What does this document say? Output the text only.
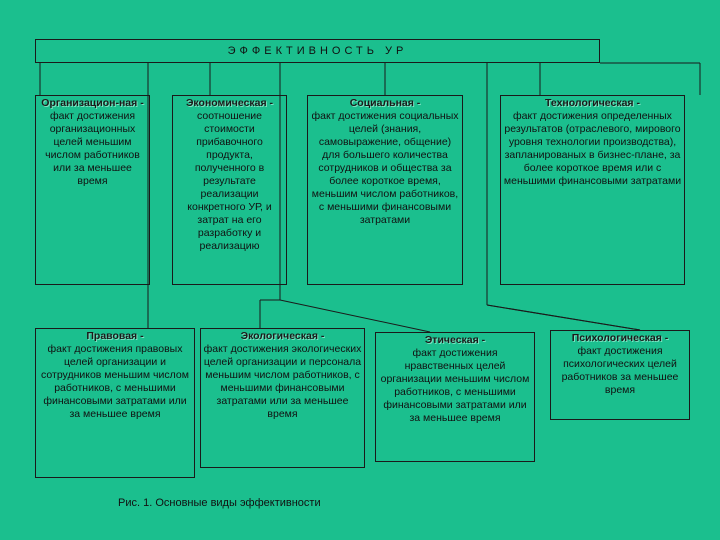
ЭФФЕКТИВНОСТЬ УР
Организацион-ная -
факт достижения организационных целей меньшим числом работников или за меньшее время
Экономическая -
соотношение стоимости прибавочного продукта, полученного в результате реализации конкретного УР, и затрат на его разработку и реализацию
Социальная -
факт достижения социальных целей (знания, самовыражение, общение) для большего количества сотрудников и общества за более короткое время, меньшим числом работников, с меньшими финансовыми затратами
Технологическая -
факт достижения определенных результатов (отраслевого, мирового уровня технологии производства), запланированых в бизнес-плане, за более короткое время или с меньшими финансовыми затратами
Правовая -
факт достижения правовых целей организации и сотрудников меньшим числом работников, с меньшими финансовыми затратами или за меньшее время
Экологическая -
факт достижения экологических целей организации и персонала меньшим числом работников, с меньшими финансовыми затратами или за меньшее время
Этическая -
факт достижения нравственных целей организации меньшим числом работников, с меньшими финансовыми затратами или за меньшее время
Психологическая -
факт достижения психологических целей работников за меньшее время
Рис. 1. Основные виды эффективности
